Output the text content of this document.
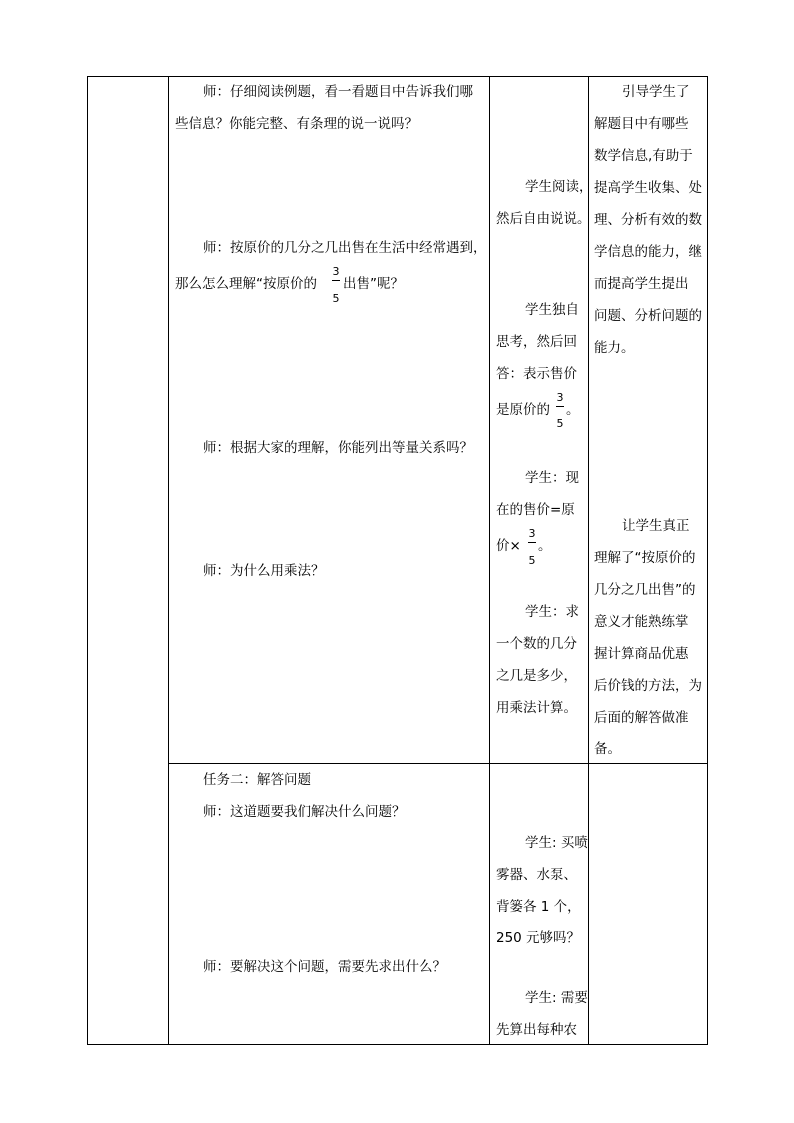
师：仔细阅读例题，看一看题目中告诉我们哪
些信息？你能完整、有条理的说一说吗？
师：按原价的几分之几出售在生活中经常遇到，
那么怎么理解“按原价的
3
5
出售”呢？
师：根据大家的理解，你能列出等量关系吗？
师：为什么用乘法？
学生阅读，
然后自由说说。
学生独自
思考，然后回
答：表示售价
是原价的
3
5
。
学生：现
在的售价=原
价×
3
5
。
学生：求
一个数的几分
之几是多少，
用乘法计算。
引导学生了
解题目中有哪些
数学信息,有助于
提高学生收集、处
理、分析有效的数
学信息的能力，继
而提高学生提出
问题、分析问题的
能力。
让学生真正
理解了“按原价的
几分之几出售”的
意义才能熟练掌
握计算商品优惠
后价钱的方法，为
后面的解答做准
备。
任务二：解答问题
师：这道题要我们解决什么问题？
师：要解决这个问题，需要先求出什么？
学生: 买喷
雾器、水泵、
背篓各 1 个，
250 元够吗？
学生: 需要
先算出每种农
